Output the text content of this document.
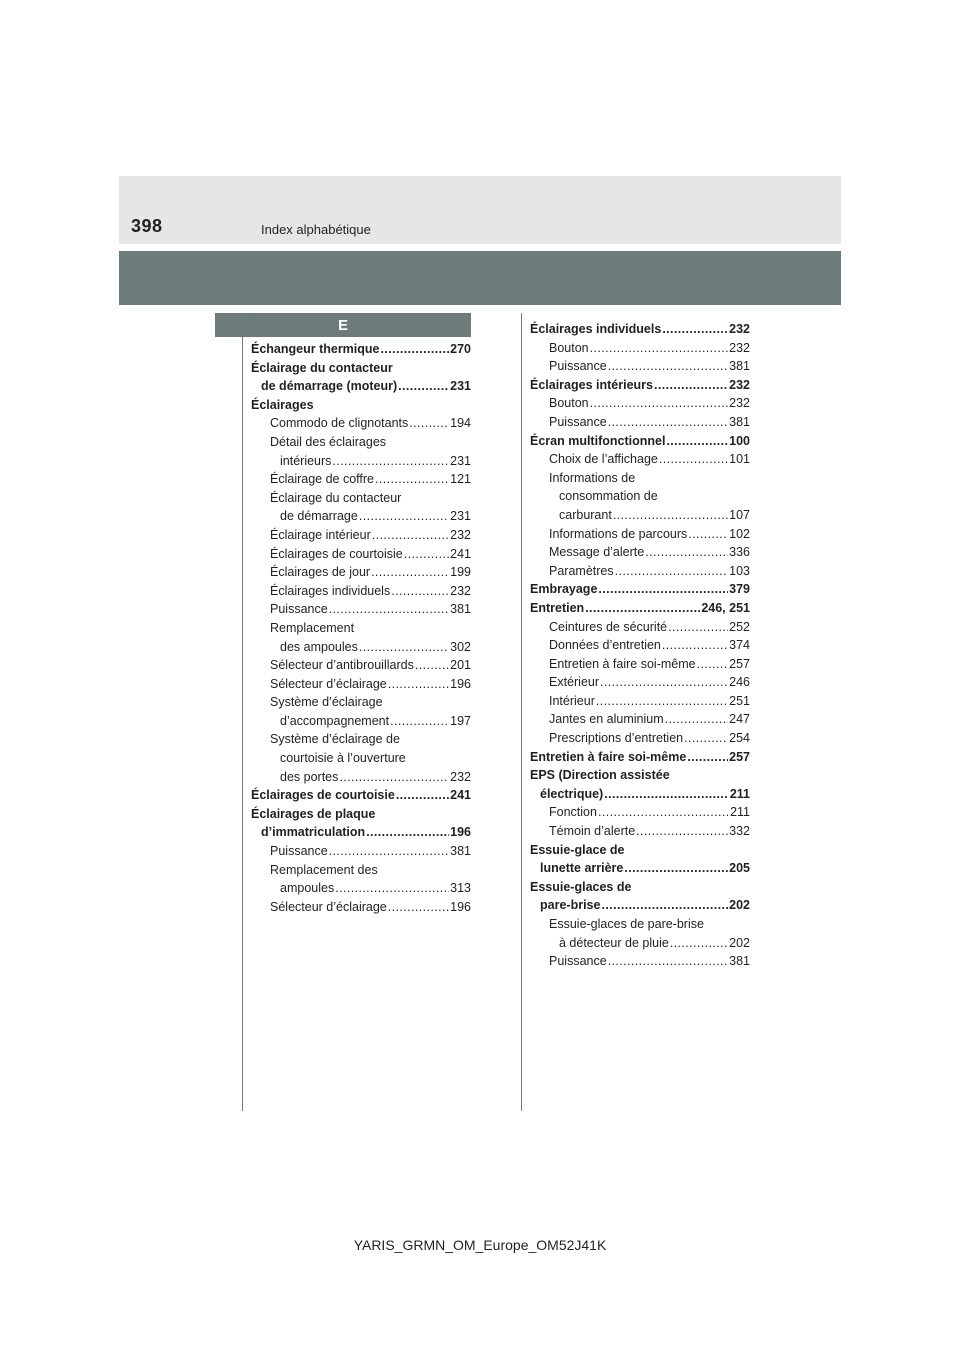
398	Index alphabétique
E
Échangeur thermique .....	270
Éclairage du contacteur
de démarrage (moteur) .....	231
Éclairages
Commodo de clignotants .....	194
Détail des éclairages
intérieurs .....	231
Éclairage de coffre .....	121
Éclairage du contacteur
de démarrage .....	231
Éclairage intérieur .....	232
Éclairages de courtoisie .....	241
Éclairages de jour .....	199
Éclairages individuels .....	232
Puissance .....	381
Remplacement
des ampoules .....	302
Sélecteur d’antibrouillards .....	201
Sélecteur d’éclairage .....	196
Système d’éclairage
d’accompagnement .....	197
Système d’éclairage de
courtoisie à l’ouverture
des portes .....	232
Éclairages de courtoisie .....	241
Éclairages de plaque
d’immatriculation .....	196
Puissance .....	381
Remplacement des
ampoules .....	313
Sélecteur d’éclairage .....	196
Éclairages individuels .....	232
Bouton .....	232
Puissance .....	381
Éclairages intérieurs .....	232
Bouton .....	232
Puissance .....	381
Écran multifonctionnel .....	100
Choix de l’affichage .....	101
Informations de
consommation de
carburant .....	107
Informations de parcours .....	102
Message d’alerte .....	336
Paramètres .....	103
Embrayage .....	379
Entretien .....	246, 251
Ceintures de sécurité .....	252
Données d’entretien .....	374
Entretien à faire soi-même .....	257
Extérieur .....	246
Intérieur .....	251
Jantes en aluminium .....	247
Prescriptions d’entretien .....	254
Entretien à faire soi-même .....	257
EPS (Direction assistée
électrique) .....	211
Fonction .....	211
Témoin d’alerte .....	332
Essuie-glace de
lunette arrière .....	205
Essuie-glaces de
pare-brise .....	202
Essuie-glaces de pare-brise
à détecteur de pluie .....	202
Puissance .....	381
YARIS_GRMN_OM_Europe_OM52J41K
